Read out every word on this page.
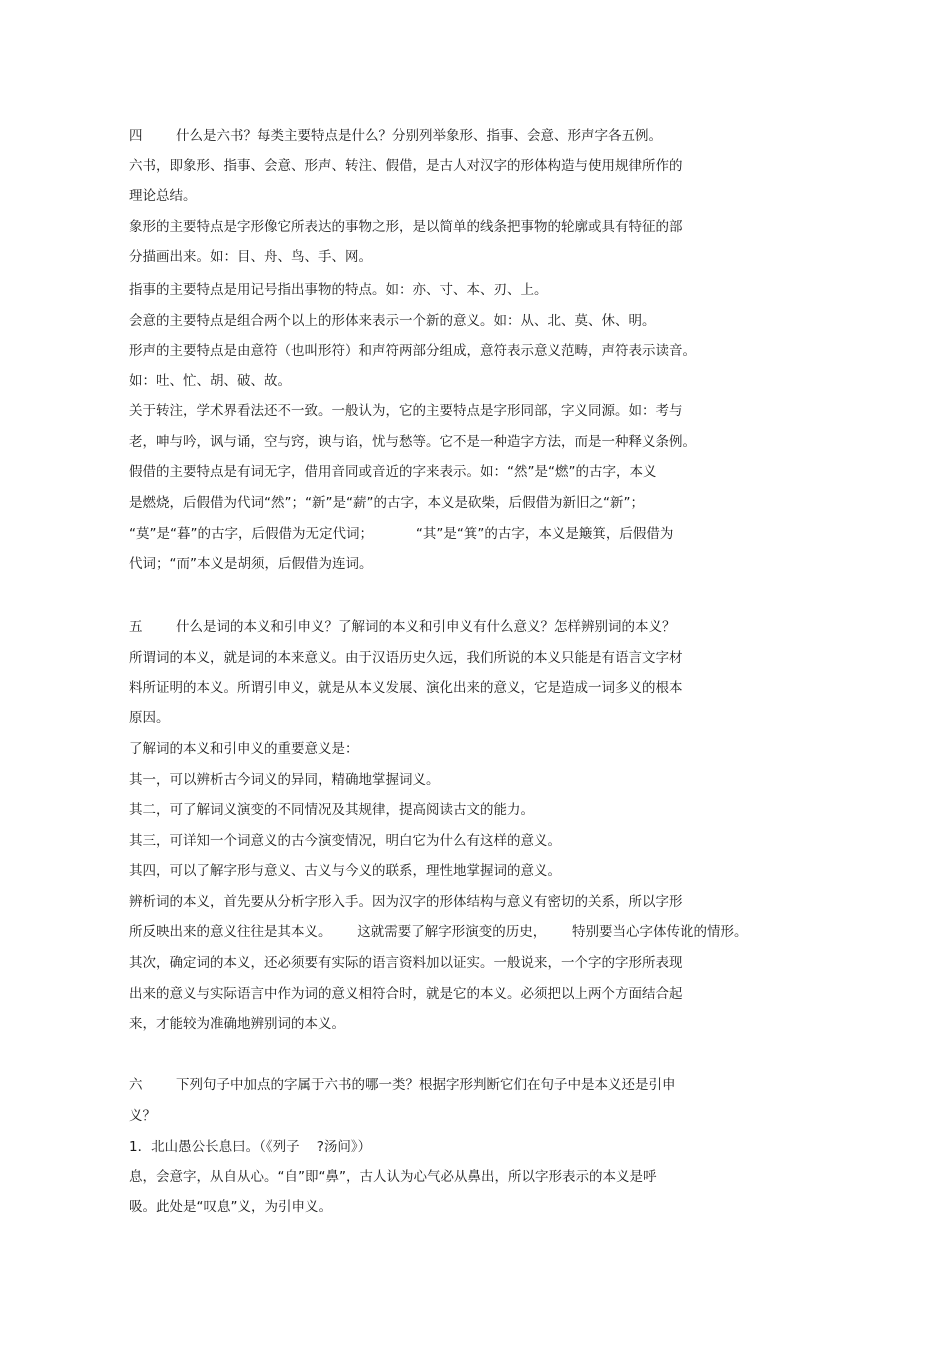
四 什么是六书？每类主要特点是什么？分别列举象形、指事、会意、形声字各五例。
六书，即象形、指事、会意、形声、转注、假借，是古人对汉字的形体构造与使用规律所作的
理论总结。
象形的主要特点是字形像它所表达的事物之形，是以简单的线条把事物的轮廓或具有特征的部
分描画出来。如：目、舟、鸟、手、网。
指事的主要特点是用记号指出事物的特点。如：亦、寸、本、刃、上。
会意的主要特点是组合两个以上的形体来表示一个新的意义。如：从、北、莫、休、明。
形声的主要特点是由意符（也叫形符）和声符两部分组成，意符表示意义范畴，声符表示读音。
如：吐、忙、胡、破、故。
关于转注，学术界看法还不一致。一般认为，它的主要特点是字形同部，字义同源。如：考与
老，呻与吟，讽与诵，空与窍，谀与谄，忧与愁等。它不是一种造字方法，而是一种释义条例。
假借的主要特点是有词无字，借用音同或音近的字来表示。如：“然”是“燃”的古字，本义
是燃烧，后假借为代词“然”；“新”是“薪”的古字，本义是砍柴，后假借为新旧之“新”；
“莫”是“暮”的古字，后假借为无定代词；          “其”是“箕”的古字，本义是簸箕，后假借为
代词；“而”本义是胡须，后假借为连词。
五 什么是词的本义和引申义？了解词的本义和引申义有什么意义？怎样辨别词的本义？
所谓词的本义，就是词的本来意义。由于汉语历史久远，我们所说的本义只能是有语言文字材
料所证明的本义。所谓引申义，就是从本义发展、演化出来的意义，它是造成一词多义的根本
原因。
了解词的本义和引申义的重要意义是：
其一，可以辨析古今词义的异同，精确地掌握词义。
其二，可了解词义演变的不同情况及其规律，提高阅读古文的能力。
其三，可详知一个词意义的古今演变情况，明白它为什么有这样的意义。
其四，可以了解字形与意义、古义与今义的联系，理性地掌握词的意义。
辨析词的本义，首先要从分析字形入手。因为汉字的形体结构与意义有密切的关系，所以字形
所反映出来的意义往往是其本义。      这就需要了解字形演变的历史，      特别要当心字体传讹的情形。
其次，确定词的本义，还必须要有实际的语言资料加以证实。一般说来，一个字的字形所表现
出来的意义与实际语言中作为词的意义相符合时，就是它的本义。必须把以上两个方面结合起
来，才能较为准确地辨别词的本义。
六 下列句子中加点的字属于六书的哪一类？根据字形判断它们在句子中是本义还是引申
义？
1．北山愚公长息曰。（《列子    ?汤问》）
息，会意字，从自从心。“自”即“鼻”，古人认为心气必从鼻出，所以字形表示的本义是呼
吸。此处是“叹息”义，为引申义。
